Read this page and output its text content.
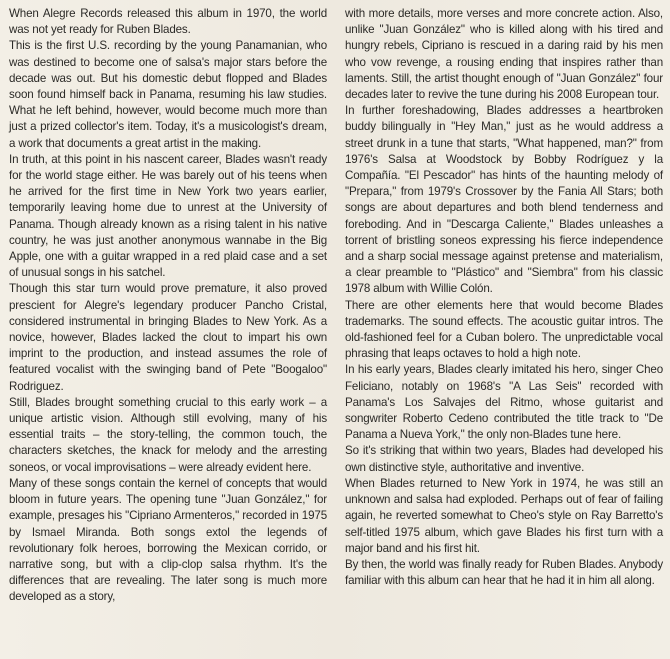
When Alegre Records released this album in 1970, the world was not yet ready for Ruben Blades.

This is the first U.S. recording by the young Panamanian, who was destined to become one of salsa's major stars before the decade was out. But his domestic debut flopped and Blades soon found himself back in Panama, resuming his law studies. What he left behind, however, would become much more than just a prized collector's item. Today, it's a musicologist's dream, a work that documents a great artist in the making.

In truth, at this point in his nascent career, Blades wasn't ready for the world stage either. He was barely out of his teens when he arrived for the first time in New York two years earlier, temporarily leaving home due to unrest at the University of Panama. Though already known as a rising talent in his native country, he was just another anonymous wannabe in the Big Apple, one with a guitar wrapped in a red plaid case and a set of unusual songs in his satchel.

Though this star turn would prove premature, it also proved prescient for Alegre's legendary producer Pancho Cristal, considered instrumental in bringing Blades to New York. As a novice, however, Blades lacked the clout to impart his own imprint to the production, and instead assumes the role of featured vocalist with the swinging band of Pete "Boogaloo" Rodriguez.

Still, Blades brought something crucial to this early work – a unique artistic vision. Although still evolving, many of his essential traits – the story-telling, the common touch, the characters sketches, the knack for melody and the arresting soneos, or vocal improvisations – were already evident here.

Many of these songs contain the kernel of concepts that would bloom in future years. The opening tune "Juan González," for example, presages his "Cipriano Armenteros," recorded in 1975 by Ismael Miranda. Both songs extol the legends of revolutionary folk heroes, borrowing the Mexican corrido, or narrative song, but with a clip-clop salsa rhythm. It's the differences that are revealing. The later song is much more developed as a story,

with more details, more verses and more concrete action. Also, unlike "Juan González" who is killed along with his tired and hungry rebels, Cipriano is rescued in a daring raid by his men who vow revenge, a rousing ending that inspires rather than laments. Still, the artist thought enough of "Juan González" four decades later to revive the tune during his 2008 European tour.

In further foreshadowing, Blades addresses a heartbroken buddy bilingually in "Hey Man," just as he would address a street drunk in a tune that starts, "What happened, man?" from 1976's Salsa at Woodstock by Bobby Rodríguez y la Compañía. "El Pescador" has hints of the haunting melody of "Prepara," from 1979's Crossover by the Fania All Stars; both songs are about departures and both blend tenderness and foreboding. And in "Descarga Caliente," Blades unleashes a torrent of bristling soneos expressing his fierce independence and a sharp social message against pretense and materialism, a clear preamble to "Plástico" and "Siembra" from his classic 1978 album with Willie Colón.

There are other elements here that would become Blades trademarks. The sound effects. The acoustic guitar intros. The old-fashioned feel for a Cuban bolero. The unpredictable vocal phrasing that leaps octaves to hold a high note.

In his early years, Blades clearly imitated his hero, singer Cheo Feliciano, notably on 1968's "A Las Seis" recorded with Panama's Los Salvajes del Ritmo, whose guitarist and songwriter Roberto Cedeno contributed the title track to "De Panama a Nueva York," the only non-Blades tune here.

So it's striking that within two years, Blades had developed his own distinctive style, authoritative and inventive.

When Blades returned to New York in 1974, he was still an unknown and salsa had exploded. Perhaps out of fear of failing again, he reverted somewhat to Cheo's style on Ray Barretto's self-titled 1975 album, which gave Blades his first turn with a major band and his first hit.

By then, the world was finally ready for Ruben Blades. Anybody familiar with this album can hear that he had it in him all along.
